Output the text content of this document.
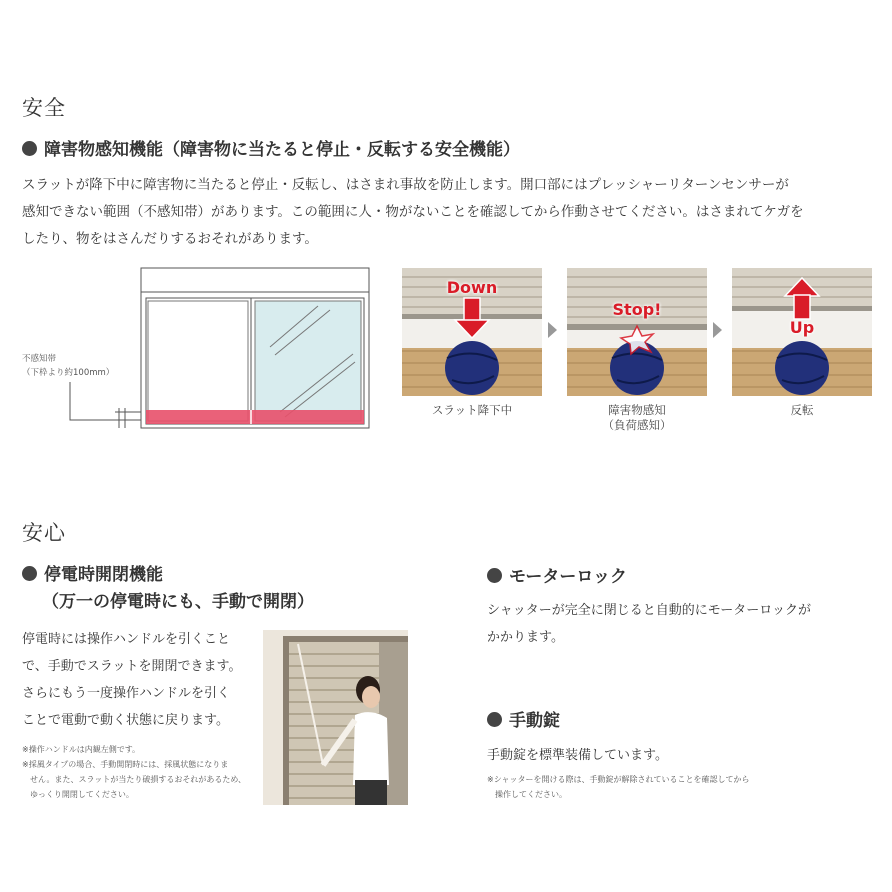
安全
障害物感知機能（障害物に当たると停止・反転する安全機能）
スラットが降下中に障害物に当たると停止・反転し、はさまれ事故を防止します。開口部にはプレッシャーリターンセンサーが
感知できない範囲（不感知帯）があります。この範囲に人・物がないことを確認してから作動させてください。はさまれてケガを
したり、物をはさんだりするおそれがあります。
不感知帯
（下枠より約100mm）
Down
Stop!
Up
スラット降下中	障害物感知
（負荷感知）
反転
安心
停電時開閉機能
（万一の停電時にも、手動で開閉）
停電時には操作ハンドルを引くこと
で、手動でスラットを開閉できます。
さらにもう一度操作ハンドルを引く
ことで電動で動く状態に戻ります。
※操作ハンドルは内観左側です。
※採風タイプの場合、手動開閉時には、採風状態になりま
　せん。また、スラットが当たり破損するおそれがあるため、
　ゆっくり開閉してください。
モーターロック
シャッターが完全に閉じると自動的にモーターロックが
かかります。
手動錠
手動錠を標準装備しています。
※シャッターを開ける際は、手動錠が解除されていることを確認してから
　操作してください。
